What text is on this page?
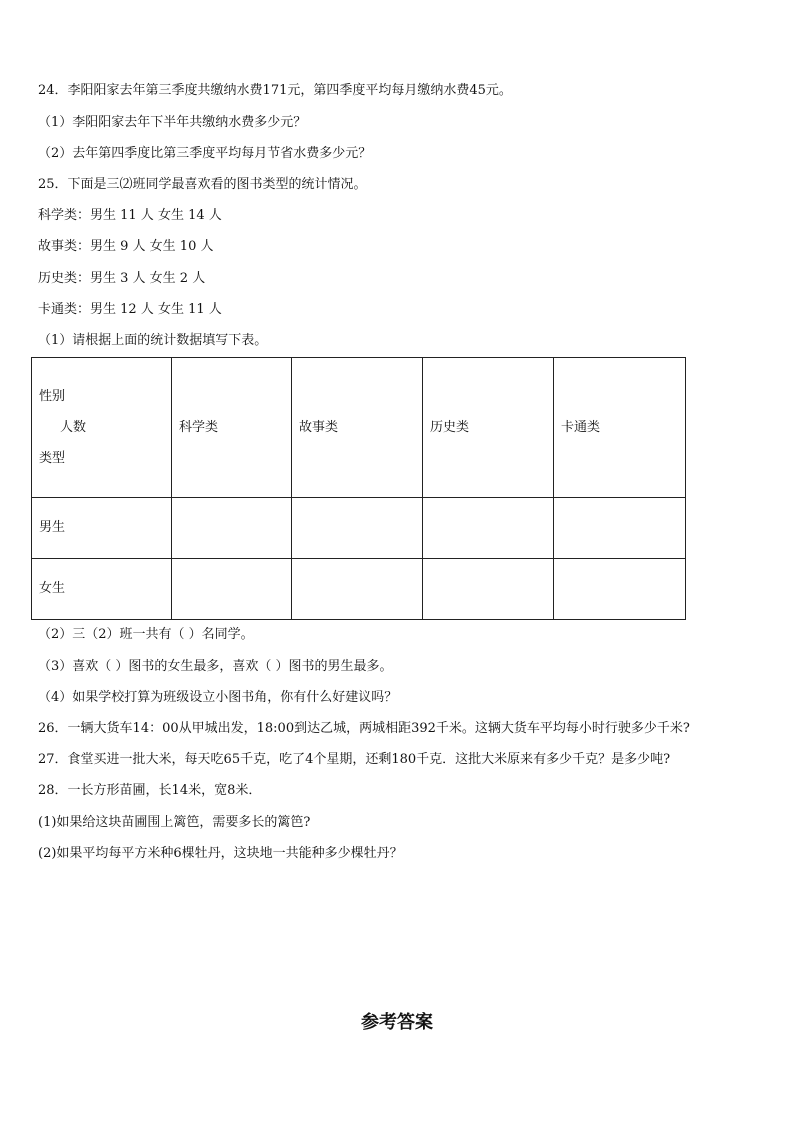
24．李阳阳家去年第三季度共缴纳水费171元，第四季度平均每月缴纳水费45元。
（1）李阳阳家去年下半年共缴纳水费多少元？
（2）去年第四季度比第三季度平均每月节省水费多少元？
25．下面是三⑵班同学最喜欢看的图书类型的统计情况。
科学类：男生 11 人 女生 14 人
故事类：男生 9 人 女生 10 人
历史类：男生 3 人 女生 2 人
卡通类：男生 12 人 女生 11 人
（1）请根据上面的统计数据填写下表。
性别
人数
类型	科学类	故事类	历史类	卡通类
男生				
女生				
（2）三（2）班一共有（ ）名同学。
（3）喜欢（ ）图书的女生最多，喜欢（ ）图书的男生最多。
（4）如果学校打算为班级设立小图书角，你有什么好建议吗？
26．一辆大货车14：00从甲城出发，18:00到达乙城，两城相距392千米。这辆大货车平均每小时行驶多少千米?
27．食堂买进一批大米，每天吃65千克，吃了4个星期，还剩180千克．这批大米原来有多少千克？是多少吨?
28．一长方形苗圃，长14米，宽8米．
(1)如果给这块苗圃围上篱笆，需要多长的篱笆?
(2)如果平均每平方米种6棵牡丹，这块地一共能种多少棵牡丹？
参考答案
